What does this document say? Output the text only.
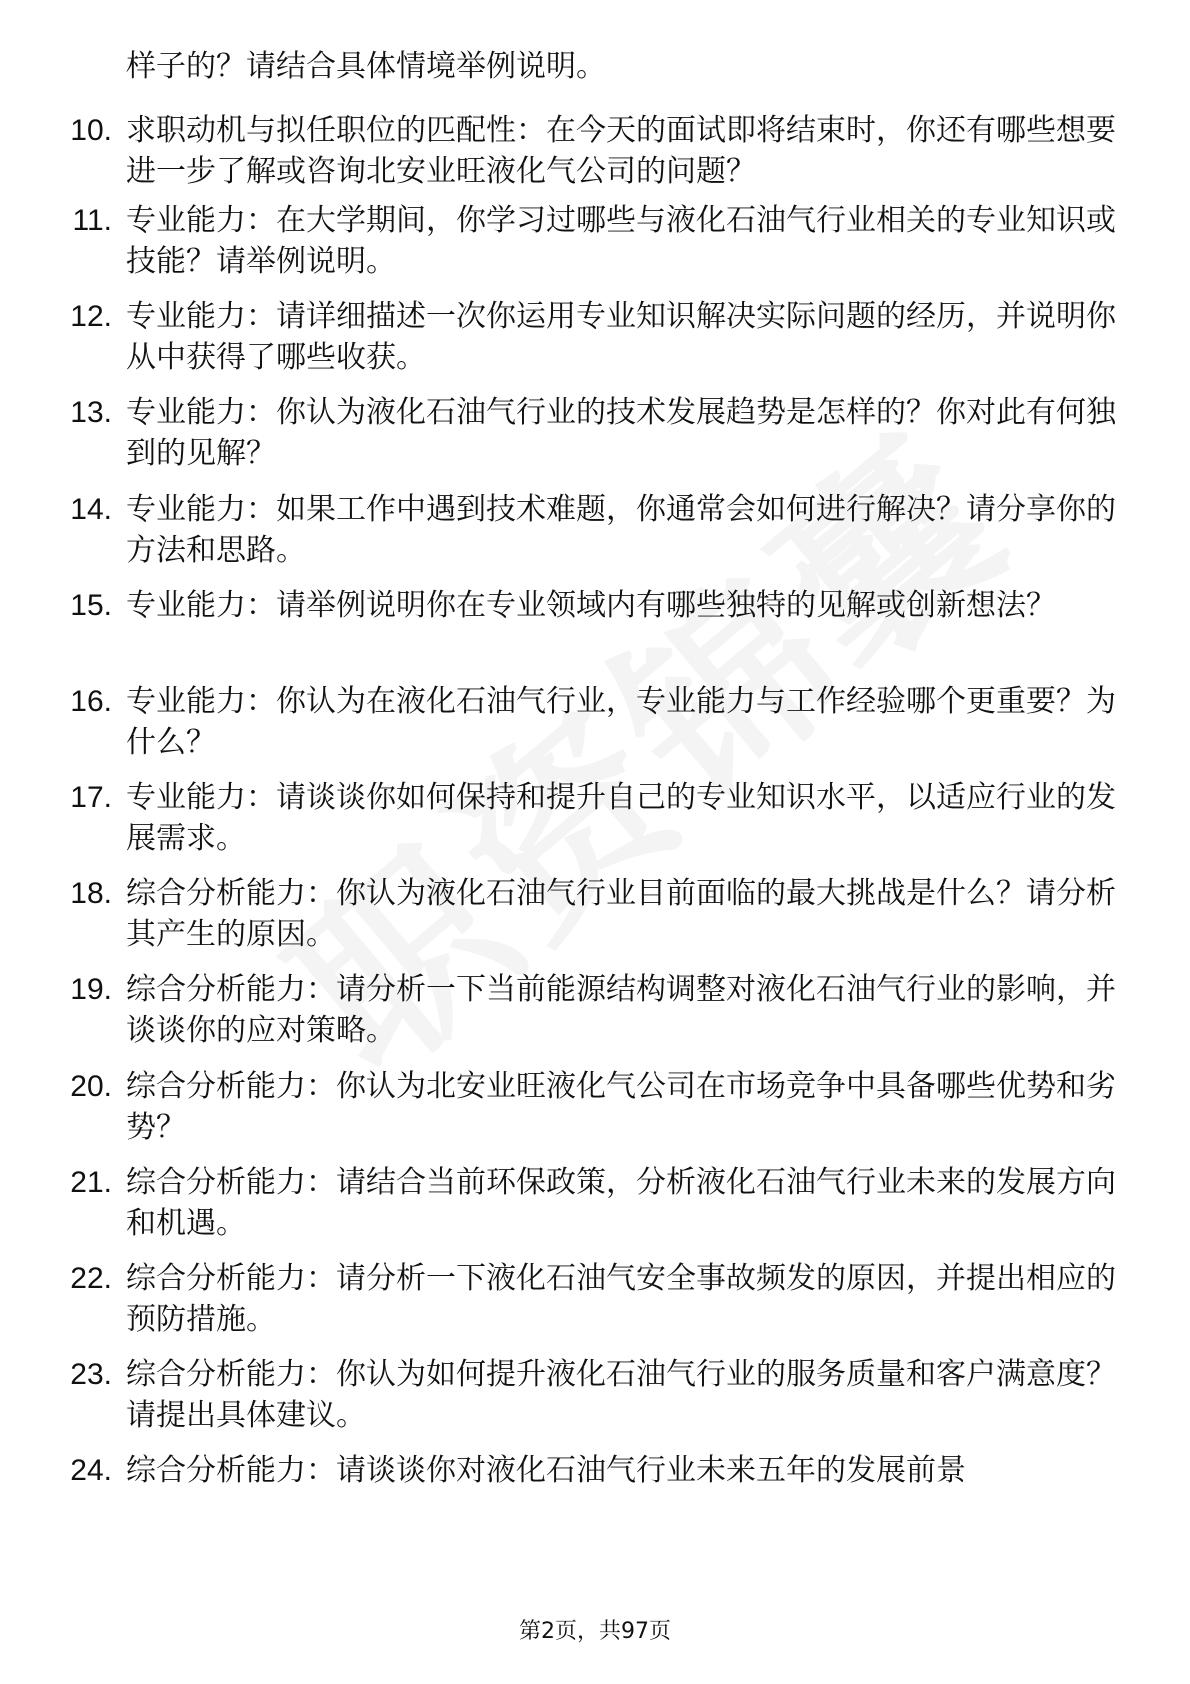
样子的？请结合具体情境举例说明。
10. 求职动机与拟任职位的匹配性：在今天的面试即将结束时，你还有哪些想要进一步了解或咨询北安业旺液化气公司的问题？
11. 专业能力：在大学期间，你学习过哪些与液化石油气行业相关的专业知识或技能？请举例说明。
12. 专业能力：请详细描述一次你运用专业知识解决实际问题的经历，并说明你从中获得了哪些收获。
13. 专业能力：你认为液化石油气行业的技术发展趋势是怎样的？你对此有何独到的见解？
14. 专业能力：如果工作中遇到技术难题，你通常会如何进行解决？请分享你的方法和思路。
15. 专业能力：请举例说明你在专业领域内有哪些独特的见解或创新想法？
16. 专业能力：你认为在液化石油气行业，专业能力与工作经验哪个更重要？为什么？
17. 专业能力：请谈谈你如何保持和提升自己的专业知识水平，以适应行业的发展需求。
18. 综合分析能力：你认为液化石油气行业目前面临的最大挑战是什么？请分析其产生的原因。
19. 综合分析能力：请分析一下当前能源结构调整对液化石油气行业的影响，并谈谈你的应对策略。
20. 综合分析能力：你认为北安业旺液化气公司在市场竞争中具备哪些优势和劣势？
21. 综合分析能力：请结合当前环保政策，分析液化石油气行业未来的发展方向和机遇。
22. 综合分析能力：请分析一下液化石油气安全事故频发的原因，并提出相应的预防措施。
23. 综合分析能力：你认为如何提升液化石油气行业的服务质量和客户满意度？请提出具体建议。
24. 综合分析能力：请谈谈你对液化石油气行业未来五年的发展前景
第2页，共97页
